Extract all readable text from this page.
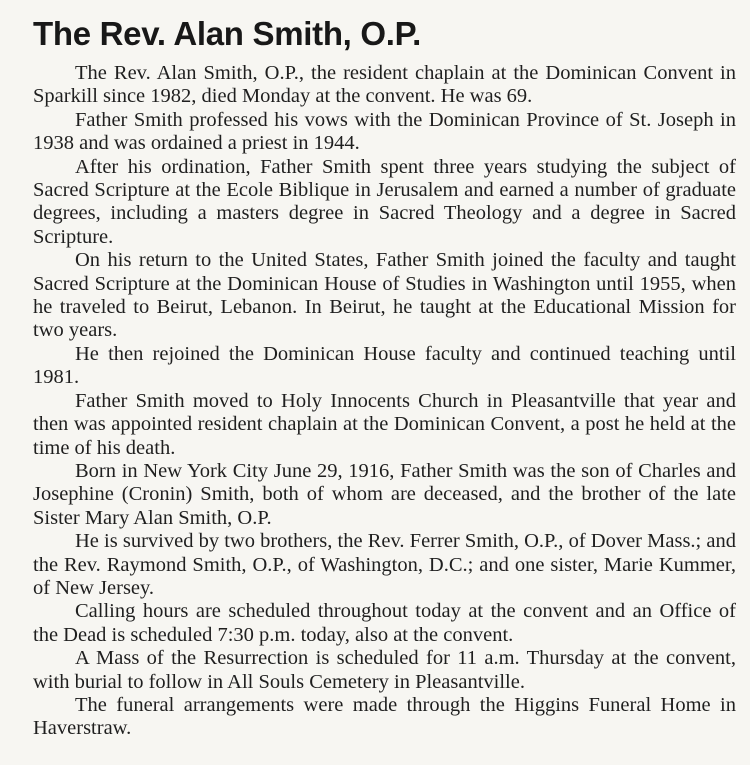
The Rev. Alan Smith, O.P.

The Rev. Alan Smith, O.P., the resident chaplain at the Dominican Convent in Sparkill since 1982, died Monday at the convent. He was 69.

Father Smith professed his vows with the Dominican Province of St. Joseph in 1938 and was ordained a priest in 1944.

After his ordination, Father Smith spent three years studying the subject of Sacred Scripture at the Ecole Biblique in Jerusalem and earned a number of graduate degrees, including a masters degree in Sacred Theology and a degree in Sacred Scripture.

On his return to the United States, Father Smith joined the faculty and taught Sacred Scripture at the Dominican House of Studies in Washington until 1955, when he traveled to Beirut, Lebanon. In Beirut, he taught at the Educational Mission for two years.

He then rejoined the Dominican House faculty and continued teaching until 1981.

Father Smith moved to Holy Innocents Church in Pleasantville that year and then was appointed resident chaplain at the Dominican Convent, a post he held at the time of his death.

Born in New York City June 29, 1916, Father Smith was the son of Charles and Josephine (Cronin) Smith, both of whom are deceased, and the brother of the late Sister Mary Alan Smith, O.P.

He is survived by two brothers, the Rev. Ferrer Smith, O.P., of Dover Mass.; and the Rev. Raymond Smith, O.P., of Washington, D.C.; and one sister, Marie Kummer, of New Jersey.

Calling hours are scheduled throughout today at the convent and an Office of the Dead is scheduled 7:30 p.m. today, also at the convent.

A Mass of the Resurrection is scheduled for 11 a.m. Thursday at the convent, with burial to follow in All Souls Cemetery in Pleasantville.

The funeral arrangements were made through the Higgins Funeral Home in Haverstraw.
